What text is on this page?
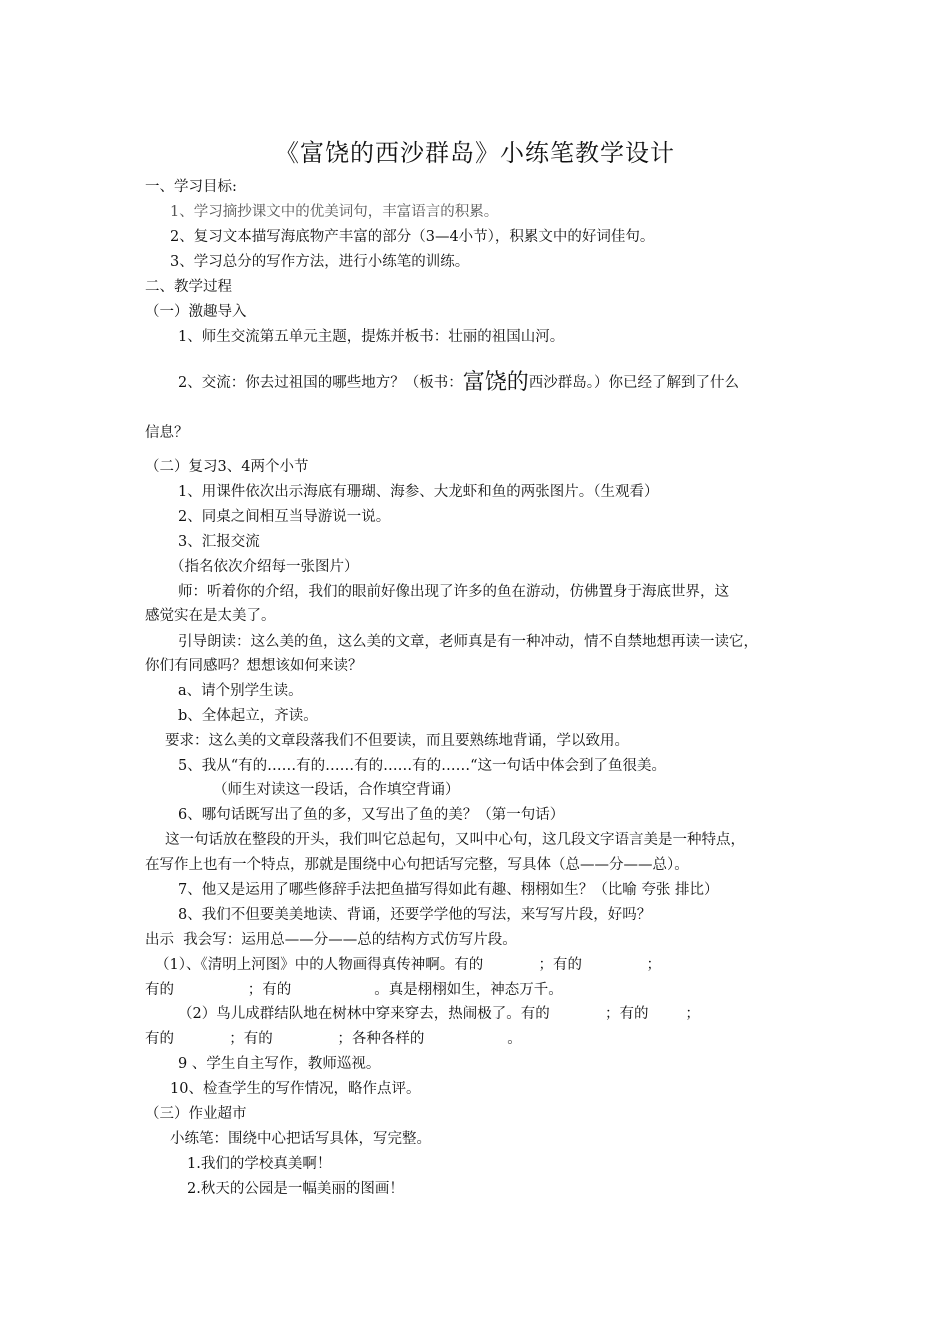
《富饶的西沙群岛》小练笔教学设计
一、学习目标:
1、学习摘抄课文中的优美词句，丰富语言的积累。
2、复习文本描写海底物产丰富的部分（3—4小节），积累文中的好词佳句。
3、学习总分的写作方法，进行小练笔的训练。
二、教学过程
（一）激趣导入
1、师生交流第五单元主题，提炼并板书：壮丽的祖国山河。
2、交流：你去过祖国的哪些地方？（板书：富饶的西沙群岛。）你已经了解到了什么
信息？
（二）复习3、4两个小节
1、用课件依次出示海底有珊瑚、海参、大龙虾和鱼的两张图片。（生观看）
2、同桌之间相互当导游说一说。
3、汇报交流
（指名依次介绍每一张图片）
师：听着你的介绍，我们的眼前好像出现了许多的鱼在游动，仿佛置身于海底世界，这
感觉实在是太美了。
引导朗读：这么美的鱼，这么美的文章，老师真是有一种冲动，情不自禁地想再读一读它，
你们有同感吗？想想该如何来读？
a、请个别学生读。
b、全体起立，齐读。
要求：这么美的文章段落我们不但要读，而且要熟练地背诵，学以致用。
5、我从“有的……有的……有的……有的……“这一句话中体会到了鱼很美。
（师生对读这一段话，合作填空背诵）
6、哪句话既写出了鱼的多，又写出了鱼的美？（第一句话）
这一句话放在整段的开头，我们叫它总起句，又叫中心句，这几段文字语言美是一种特点，
在写作上也有一个特点，那就是围绕中心句把话写完整，写具体（总——分——总）。
7、他又是运用了哪些修辞手法把鱼描写得如此有趣、栩栩如生？（比喻 夸张 排比）
8、我们不但要美美地读、背诵，还要学学他的写法，来写写片段，好吗？
出示  我会写：运用总——分——总的结构方式仿写片段。
（1）、《清明上河图》中的人物画得真传神啊。有的            ；有的              ；
有的                ；有的                  。真是栩栩如生，神态万千。
（2）鸟儿成群结队地在树林中穿来穿去，热闹极了。有的            ；有的        ；
有的            ；有的              ；各种各样的                  。
9 、学生自主写作，教师巡视。
10、检查学生的写作情况，略作点评。
（三）作业超市
小练笔：围绕中心把话写具体，写完整。
1.我们的学校真美啊！
2.秋天的公园是一幅美丽的图画！
